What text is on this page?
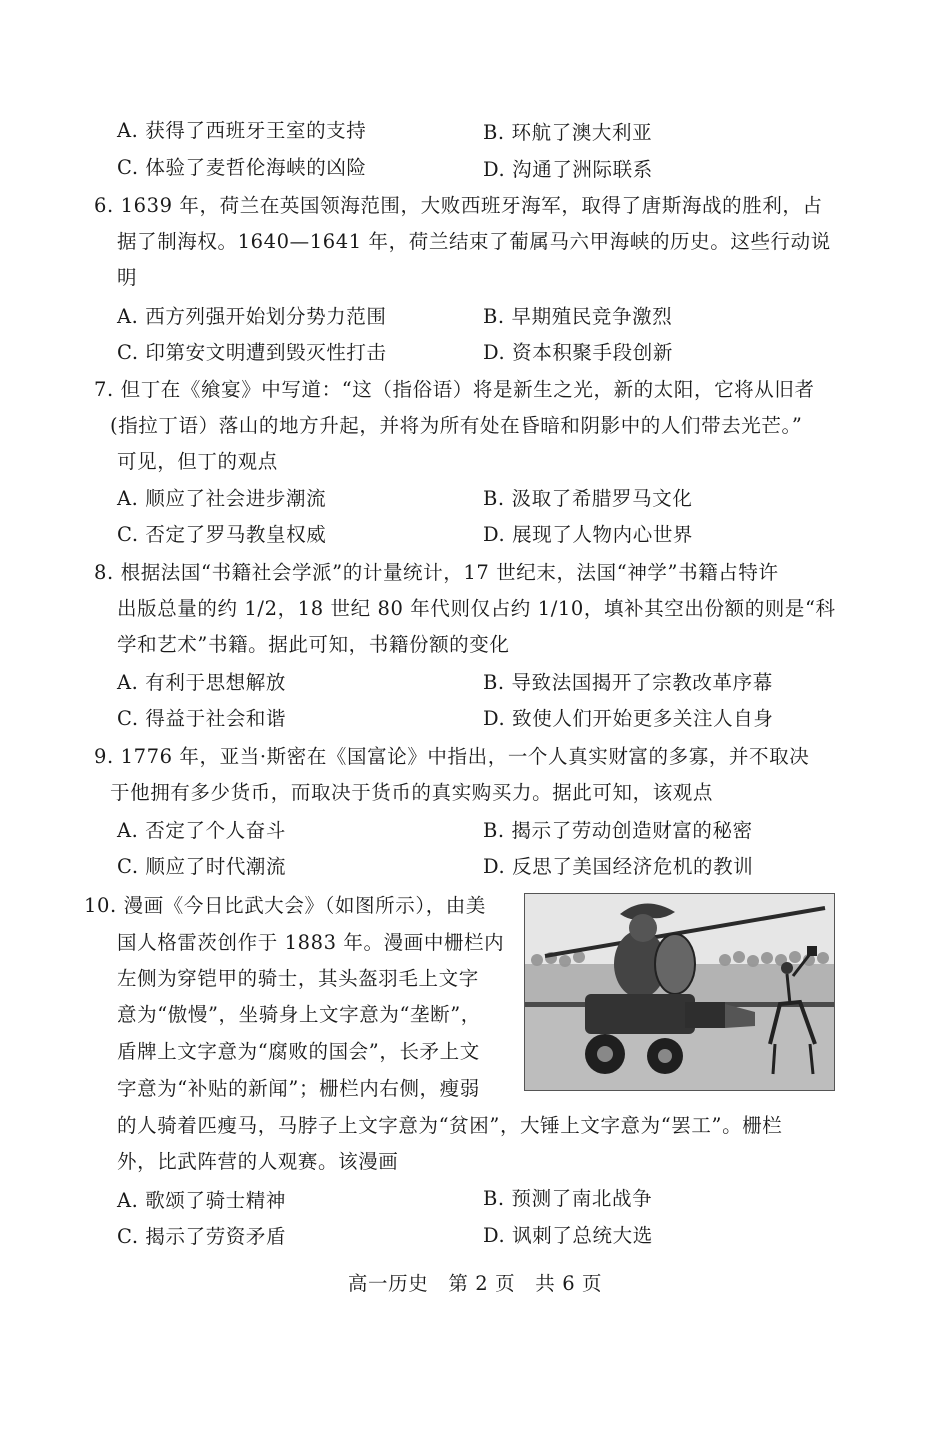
A. 获得了西班牙王室的支持	B. 环航了澳大利亚
C. 体验了麦哲伦海峡的凶险	D. 沟通了洲际联系
6. 1639 年，荷兰在英国领海范围，大败西班牙海军，取得了唐斯海战的胜利，占
据了制海权。1640—1641 年，荷兰结束了葡属马六甲海峡的历史。这些行动说
明
A. 西方列强开始划分势力范围	B. 早期殖民竞争激烈
C. 印第安文明遭到毁灭性打击	D. 资本积聚手段创新
7. 但丁在《飨宴》中写道：“这（指俗语）将是新生之光，新的太阳，它将从旧者
(指拉丁语）落山的地方升起，并将为所有处在昏暗和阴影中的人们带去光芒。”
可见，但丁的观点
A. 顺应了社会进步潮流	B. 汲取了希腊罗马文化
C. 否定了罗马教皇权威	D. 展现了人物内心世界
8. 根据法国“书籍社会学派”的计量统计，17 世纪末，法国“神学”书籍占特许
出版总量的约 1/2，18 世纪 80 年代则仅占约 1/10，填补其空出份额的则是“科
学和艺术”书籍。据此可知，书籍份额的变化
A. 有利于思想解放	B. 导致法国揭开了宗教改革序幕
C. 得益于社会和谐	D. 致使人们开始更多关注人自身
9. 1776 年，亚当·斯密在《国富论》中指出，一个人真实财富的多寡，并不取决
于他拥有多少货币，而取决于货币的真实购买力。据此可知，该观点
A. 否定了个人奋斗	B. 揭示了劳动创造财富的秘密
C. 顺应了时代潮流	D. 反思了美国经济危机的教训
10. 漫画《今日比武大会》（如图所示），由美
国人格雷茨创作于 1883 年。漫画中栅栏内
左侧为穿铠甲的骑士，其头盔羽毛上文字
意为“傲慢”，坐骑身上文字意为“垄断”，
盾牌上文字意为“腐败的国会”，长矛上文
字意为“补贴的新闻”；栅栏内右侧，瘦弱
的人骑着匹瘦马，马脖子上文字意为“贫困”，大锤上文字意为“罢工”。栅栏
外，比武阵营的人观赛。该漫画
A. 歌颂了骑士精神	B. 预测了南北战争
C. 揭示了劳资矛盾	D. 讽刺了总统大选
高一历史　第 2 页　共 6 页
